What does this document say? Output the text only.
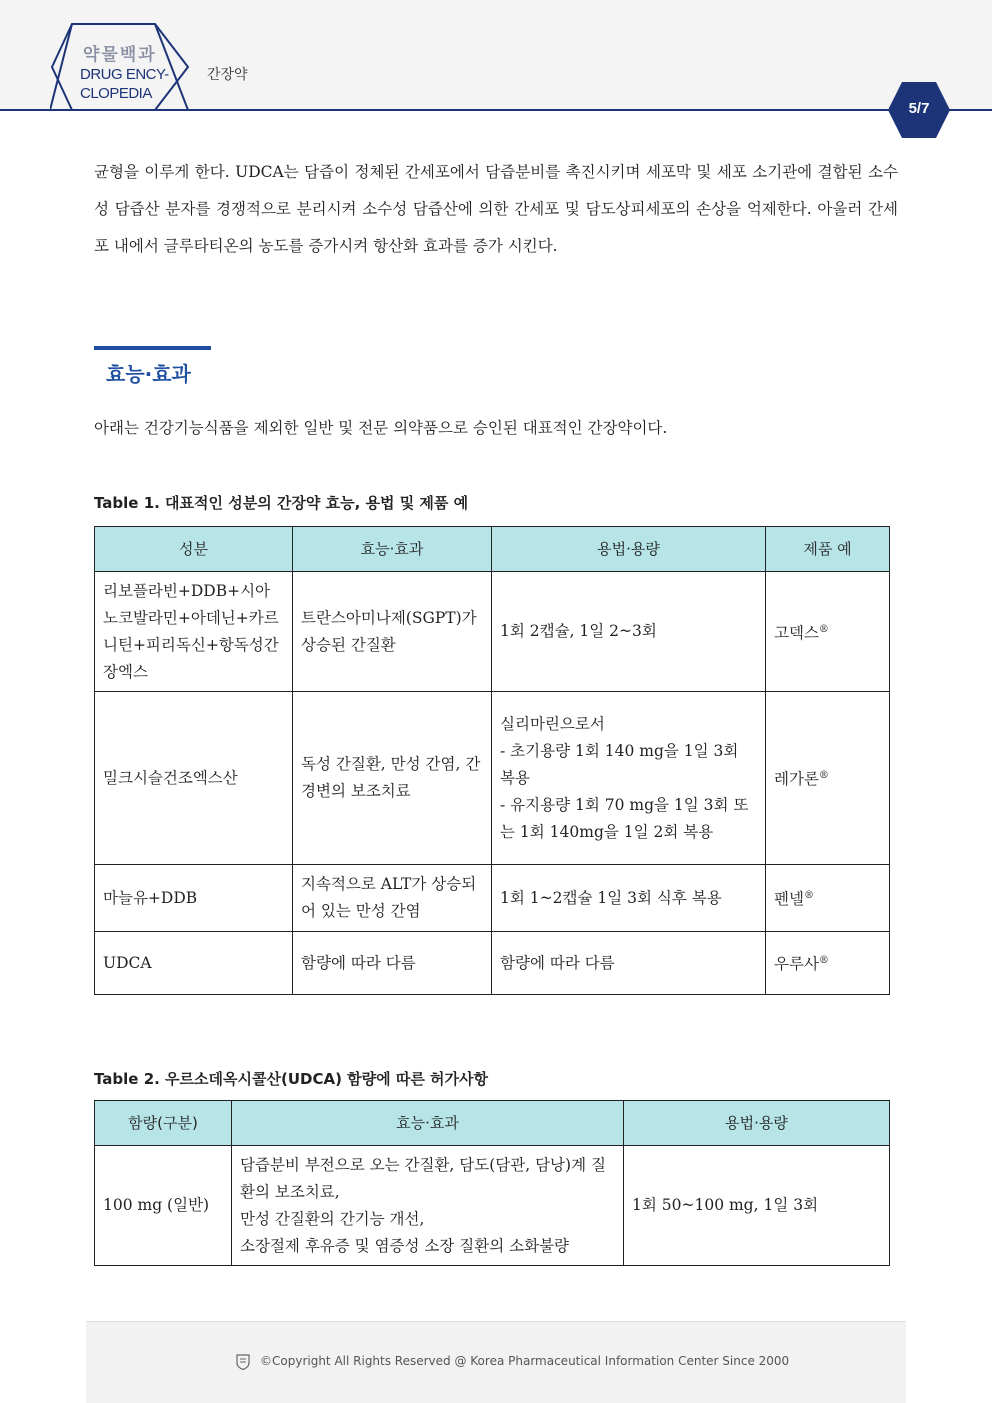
약물백과
DRUG ENCY-
CLOPEDIA
간장약
5/7

균형을 이루게 한다. UDCA는 담즙이 정체된 간세포에서 담즙분비를 촉진시키며 세포막 및 세포 소기관에 결합된 소수성 담즙산 분자를 경쟁적으로 분리시켜 소수성 담즙산에 의한 간세포 및 담도상피세포의 손상을 억제한다. 아울러 간세포 내에서 글루타티온의 농도를 증가시켜 항산화 효과를 증가 시킨다.

효능·효과

아래는 건강기능식품을 제외한 일반 및 전문 의약품으로 승인된 대표적인 간장약이다.

Table 1. 대표적인 성분의 간장약 효능, 용법 및 제품 예
성분	효능·효과	용법·용량	제품 예
리보플라빈+DDB+시아노코발라민+아데닌+카르니틴+피리독신+항독성간장엑스	트란스아미나제(SGPT)가 상승된 간질환	1회 2캡슐, 1일 2~3회	고덱스®
밀크시슬건조엑스산	독성 간질환, 만성 간염, 간경변의 보조치료	실리마린으로서
- 초기용량 1회 140 mg을 1일 3회 복용
- 유지용량 1회 70 mg을 1일 3회 또는 1회 140mg을 1일 2회 복용	레가론®
마늘유+DDB	지속적으로 ALT가 상승되어 있는 만성 간염	1회 1~2캡슐 1일 3회 식후 복용	펜넬®
UDCA	함량에 따라 다름	함량에 따라 다름	우루사®
Table 2. 우르소데옥시콜산(UDCA) 함량에 따른 허가사항
함량(구분)	효능·효과	용법·용량
100 mg (일반)	담즙분비 부전으로 오는 간질환, 담도(담관, 담낭)계 질환의 보조치료,
만성 간질환의 간기능 개선,
소장절제 후유증 및 염증성 소장 질환의 소화불량	1회 50~100 mg, 1일 3회
©Copyright All Rights Reserved @ Korea Pharmaceutical Information Center Since 2000
